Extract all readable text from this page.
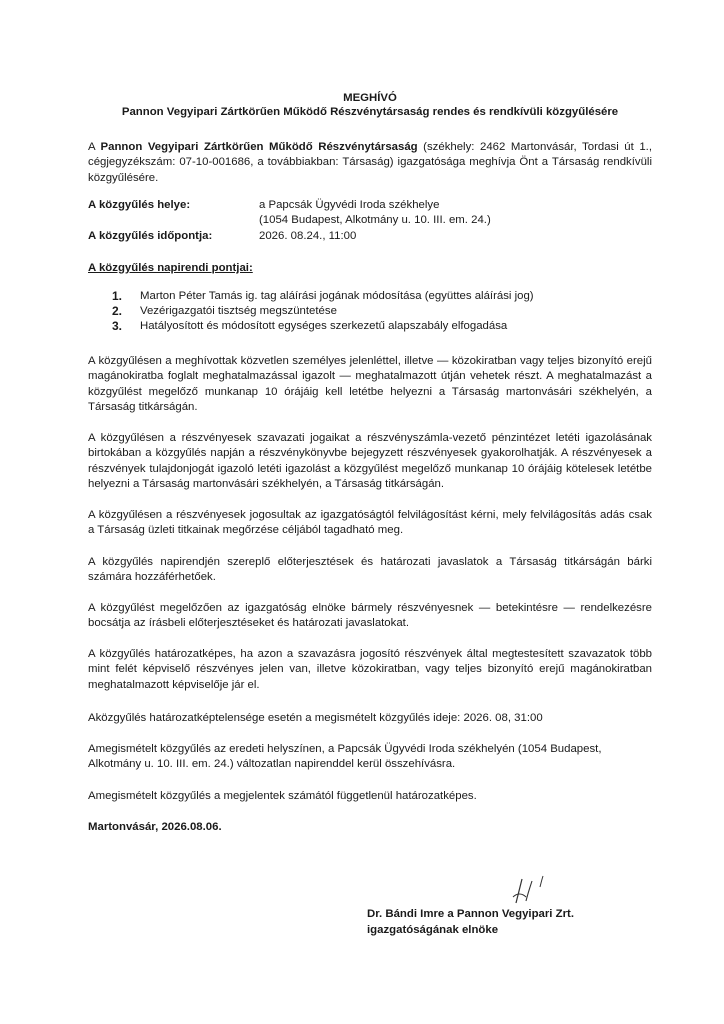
MEGHÍVÓ
Pannon Vegyipari Zártkörűen Működő Részvénytársaság rendes és rendkívüli közgyűlésére
A Pannon Vegyipari Zártkörűen Működő Részvénytársaság (székhely: 2462 Martonvásár, Tordasi út 1., cégjegyzékszám: 07-10-001686, a továbbiakban: Társaság) igazgatósága meghívja Önt a Társaság rendkívüli közgyűlésére.
A közgyűlés helye:	a Papcsák Ügyvédi Iroda székhelye
(1054 Budapest, Alkotmány u. 10. III. em. 24.)
A közgyűlés időpontja:	2026. 08.24., 11:00
A közgyűlés napirendi pontjai:
1. Marton Péter Tamás ig. tag aláírási jogának módosítása (együttes aláírási jog)
2. Vezérigazgatói tisztség megszüntetése
3. Hatályosított és módosított egységes szerkezetű alapszabály elfogadása
A közgyűlésen a meghívottak közvetlen személyes jelenléttel, illetve — közokiratban vagy teljes bizonyító erejű magánokiratba foglalt meghatalmazással igazolt — meghatalmazott útján vehetek részt. A meghatalmazást a közgyűlést megelőző munkanap 10 órájáig kell letétbe helyezni a Társaság martonvásári székhelyén, a Társaság titkárságán.
A közgyűlésen a részvényesek szavazati jogaikat a részvényszámla-vezető pénzintézet letéti igazolásának birtokában a közgyűlés napján a részvénykönyvbe bejegyzett részvényesek gyakorolhatják. A részvényesek a részvények tulajdonjogát igazoló letéti igazolást a közgyűlést megelőző munkanap 10 órájáig kötelesek letétbe helyezni a Társaság martonvásári székhelyén, a Társaság titkárságán.
A közgyűlésen a részvényesek jogosultak az igazgatóságtól felvilágosítást kérni, mely felvilágosítás adás csak a Társaság üzleti titkainak megőrzése céljából tagadható meg.
A közgyűlés napirendjén szereplő előterjesztések és határozati javaslatok a Társaság titkárságán bárki számára hozzáférhetőek.
A közgyűlést megelőzően az igazgatóság elnöke bármely részvényesnek — betekintésre — rendelkezésre bocsátja az írásbeli előterjesztéseket és határozati javaslatokat.
A közgyűlés határozatképes, ha azon a szavazásra jogosító részvények által megtestesített szavazatok több mint felét képviselő részvényes jelen van, illetve közokiratban, vagy teljes bizonyító erejű magánokiratban meghatalmazott képviselője jár el.
Aközgyűlés határozatképtelensége esetén a megismételt közgyűlés ideje: 2026. 08, 31:00
Amegismételt közgyűlés az eredeti helyszínen, a Papcsák Ügyvédi Iroda székhelyén (1054 Budapest, Alkotmány u. 10. III. em. 24.) változatlan napirenddel kerül összehívásra.
Amegismételt közgyűlés a megjelentek számától függetlenül határozatképes.
Martonvásár, 2026.08.06.
Dr. Bándi Imre a Pannon Vegyipari Zrt.
igazgatóságának elnöke
